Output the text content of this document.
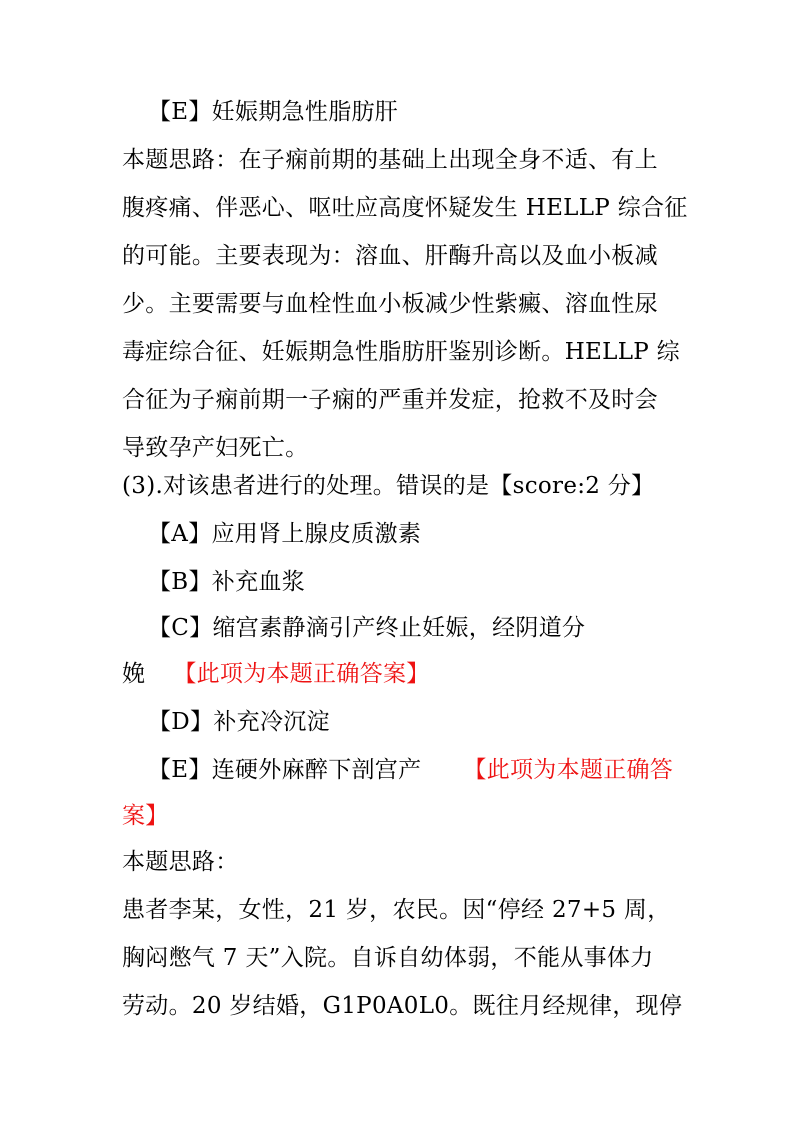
【E】妊娠期急性脂肪肝
本题思路：在子痫前期的基础上出现全身不适、有上
腹疼痛、伴恶心、呕吐应高度怀疑发生 HELLP 综合征
的可能。主要表现为：溶血、肝酶升高以及血小板减
少。主要需要与血栓性血小板减少性紫癜、溶血性尿
毒症综合征、妊娠期急性脂肪肝鉴别诊断。HELLP 综
合征为子痫前期一子痫的严重并发症，抢救不及时会
导致孕产妇死亡。
(3).对该患者进行的处理。错误的是【score:2 分】
【A】应用肾上腺皮质激素
【B】补充血浆
【C】缩宫素静滴引产终止妊娠，经阴道分
娩 【此项为本题正确答案】
【D】补充冷沉淀
【E】连硬外麻醉下剖宫产 【此项为本题正确答
案】
本题思路：
患者李某，女性，21 岁，农民。因“停经 27+5 周，
胸闷憋气 7 天”入院。自诉自幼体弱，不能从事体力
劳动。20 岁结婚，G1P0A0L0。既往月经规律，现停
